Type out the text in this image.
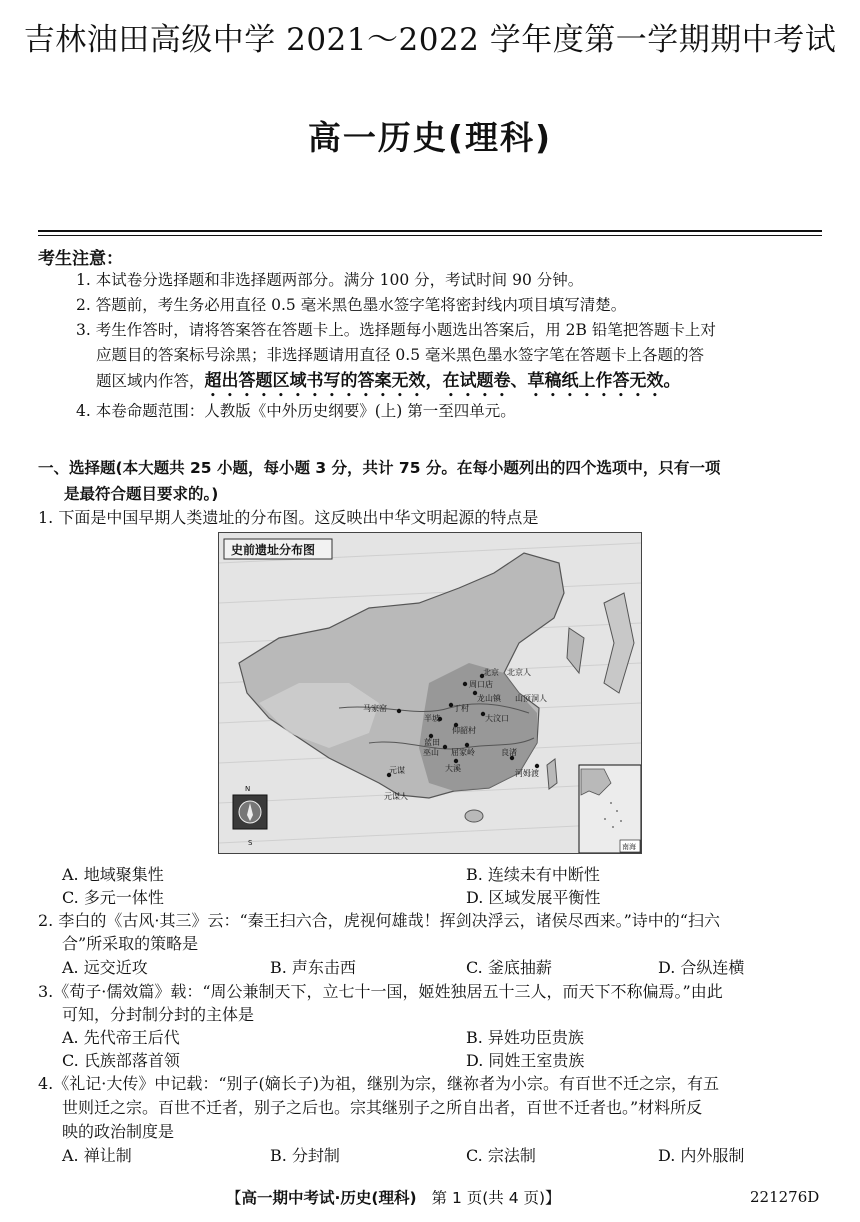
吉林油田高级中学 2021～2022 学年度第一学期期中考试
高一历史(理科)
考生注意：
1. 本试卷分选择题和非选择题两部分。满分 100 分，考试时间 90 分钟。
2. 答题前，考生务必用直径 0.5 毫米黑色墨水签字笔将密封线内项目填写清楚。
3. 考生作答时，请将答案答在答题卡上。选择题每小题选出答案后，用 2B 铅笔把答题卡上对
应题目的答案标号涂黑；非选择题请用直径 0.5 毫米黑色墨水签字笔在答题卡上各题的答
题区域内作答，超出答题区域书写的答案无效，在试题卷、草稿纸上作答无效。
4. 本卷命题范围：人教版《中外历史纲要》(上) 第一至四单元。
一、选择题(本大题共 25 小题，每小题 3 分，共计 75 分。在每小题列出的四个选项中，只有一项
是最符合题目要求的。)
1. 下面是中国早期人类遗址的分布图。这反映出中华文明起源的特点是
史前遗址分布图
北京 北京人
周口店
龙山镇 山顶洞人
丁村
大汶口
马家窑
半坡
仰韶村
蓝田
良渚
巫山 屈家岭
河姆渡
大溪
元谋
元谋人
N
S	南海
A. 地域聚集性	B. 连续未有中断性
C. 多元一体性	D. 区域发展平衡性
2. 李白的《古风·其三》云：“秦王扫六合，虎视何雄哉！挥剑决浮云，诸侯尽西来。”诗中的“扫六
合”所采取的策略是
A. 远交近攻	B. 声东击西	C. 釜底抽薪	D. 合纵连横
3.《荀子·儒效篇》载：“周公兼制天下，立七十一国，姬姓独居五十三人，而天下不称偏焉。”由此
可知，分封制分封的主体是
A. 先代帝王后代	B. 异姓功臣贵族
C. 氏族部落首领	D. 同姓王室贵族
4.《礼记·大传》中记载：“别子(嫡长子)为祖，继别为宗，继祢者为小宗。有百世不迁之宗，有五
世则迁之宗。百世不迁者，别子之后也。宗其继别子之所自出者，百世不迁者也。”材料所反
映的政治制度是
A. 禅让制	B. 分封制	C. 宗法制	D. 内外服制
【高一期中考试·历史(理科) 第 1 页(共 4 页)】	221276D
